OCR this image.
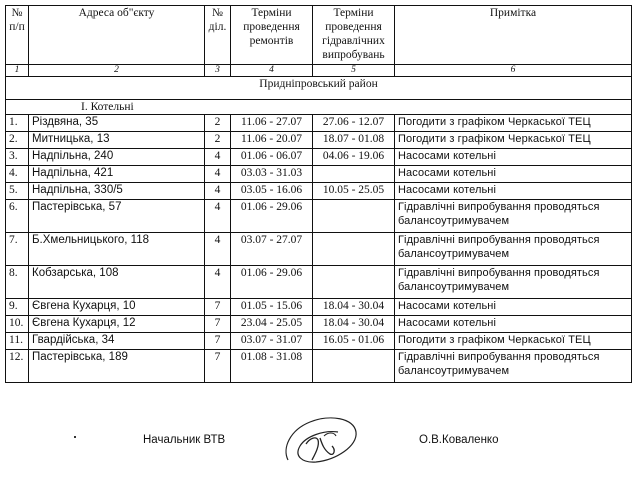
№ п/п	Адреса об"єкту	№ діл.	Терміни проведення ремонтів	Терміни проведення гідравлічних випробувань	Примітка
1	2	3	4	5	6
Придніпровський район					
І. Котельні					
1.	Різдвяна, 35	2	11.06 - 27.07	27.06 - 12.07	Погодити з графіком Черкаської ТЕЦ
2.	Митницька, 13	2	11.06 - 20.07	18.07 - 01.08	Погодити з графіком Черкаської ТЕЦ
3.	Надпільна, 240	4	01.06 - 06.07	04.06 - 19.06	Насосами котельні
4.	Надпільна, 421	4	03.03 - 31.03		Насосами котельні
5.	Надпільна, 330/5	4	03.05 - 16.06	10.05 - 25.05	Насосами котельні
6.	Пастерівська, 57	4	01.06 - 29.06		Гідравлічні випробування проводяться балансоутримувачем
7.	Б.Хмельницького, 118	4	03.07 - 27.07		Гідравлічні випробування проводяться балансоутримувачем
8.	Кобзарська, 108	4	01.06 - 29.06		Гідравлічні випробування проводяться балансоутримувачем
9.	Євгена Кухарця, 10	7	01.05 - 15.06	18.04 - 30.04	Насосами котельні
10.	Євгена Кухарця, 12	7	23.04 - 25.05	18.04 - 30.04	Насосами котельні
11.	Гвардійська, 34	7	03.07 - 31.07	16.05 - 01.06	Погодити з графіком Черкаської ТЕЦ
12.	Пастерівська, 189	7	01.08 - 31.08		Гідравлічні випробування проводяться балансоутримувачем
Начальник ВТВ	О.В.Коваленко
